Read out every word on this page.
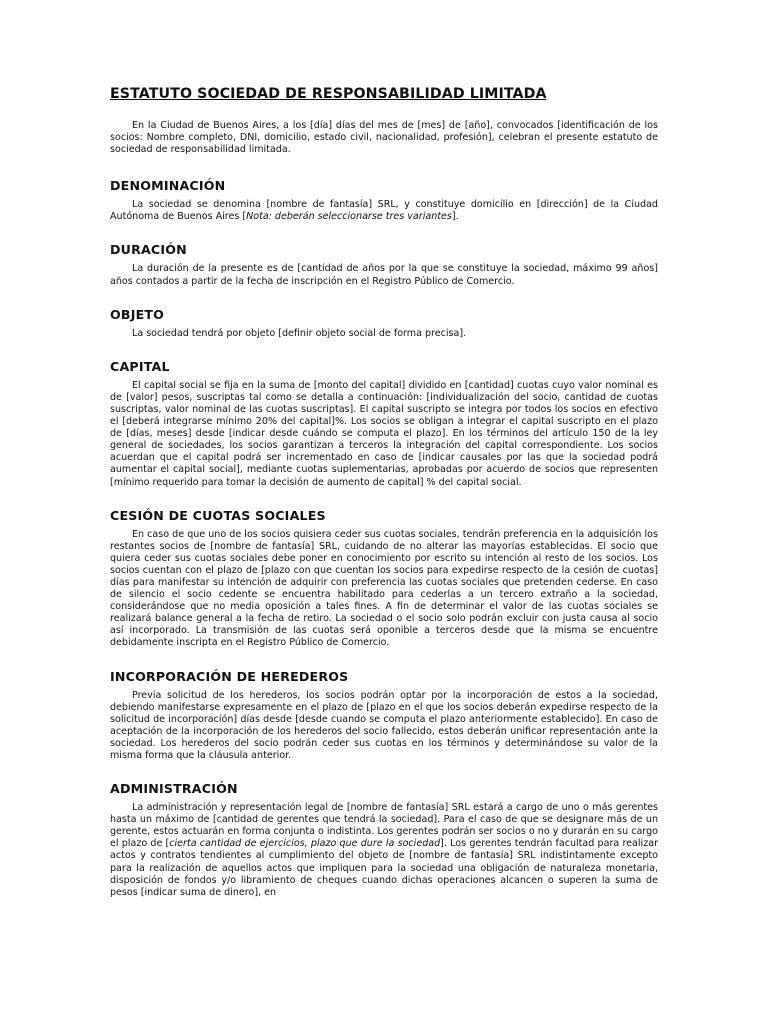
ESTATUTO SOCIEDAD DE RESPONSABILIDAD LIMITADA

En la Ciudad de Buenos Aires, a los [día] días del mes de [mes] de [año], convocados [identificación de los socios: Nombre completo, DNI, domicilio, estado civil, nacionalidad, profesión], celebran el presente estatuto de sociedad de responsabilidad limitada.

DENOMINACIÓN

La sociedad se denomina [nombre de fantasía] SRL, y constituye domicilio en [dirección] de la Ciudad Autónoma de Buenos Aires [Nota: deberán seleccionarse tres variantes].

DURACIÓN

La duración de la presente es de [cantidad de años por la que se constituye la sociedad, máximo 99 años] años contados a partir de la fecha de inscripción en el Registro Público de Comercio.

OBJETO

La sociedad tendrá por objeto [definir objeto social de forma precisa].

CAPITAL

El capital social se fija en la suma de [monto del capital] dividido en [cantidad] cuotas cuyo valor nominal es de [valor] pesos, suscriptas tal como se detalla a continuación: [individualización del socio, cantidad de cuotas suscriptas, valor nominal de las cuotas suscriptas]. El capital suscripto se integra por todos los socios en efectivo el [deberá integrarse mínimo 20% del capital]%. Los socios se obligan a integrar el capital suscripto en el plazo de [días, meses] desde [indicar desde cuándo se computa el plazo]. En los términos del artículo 150 de la ley general de sociedades, los socios garantizan a terceros la integración del capital correspondiente. Los socios acuerdan que el capital podrá ser incrementado en caso de [indicar causales por las que la sociedad podrá aumentar el capital social], mediante cuotas suplementarias, aprobadas por acuerdo de socios que representen [mínimo requerido para tomar la decisión de aumento de capital] % del capital social.

CESIÓN DE CUOTAS SOCIALES

En caso de que uno de los socios quisiera ceder sus cuotas sociales, tendrán preferencia en la adquisición los restantes socios de [nombre de fantasía] SRL, cuidando de no alterar las mayorías establecidas. El socio que quiera ceder sus cuotas sociales debe poner en conocimiento por escrito su intención al resto de los socios. Los socios cuentan con el plazo de [plazo con que cuentan los socios para expedirse respecto de la cesión de cuotas] días para manifestar su intención de adquirir con preferencia las cuotas sociales que pretenden cederse. En caso de silencio el socio cedente se encuentra habilitado para cederlas a un tercero extraño a la sociedad, considerándose que no media oposición a tales fines. A fin de determinar el valor de las cuotas sociales se realizará balance general a la fecha de retiro. La sociedad o el socio solo podrán excluir con justa causa al socio así incorporado. La transmisión de las cuotas será oponible a terceros desde que la misma se encuentre debidamente inscripta en el Registro Público de Comercio.

INCORPORACIÓN DE HEREDEROS

Previa solicitud de los herederos, los socios podrán optar por la incorporación de estos a la sociedad, debiendo manifestarse expresamente en el plazo de [plazo en el que los socios deberán expedirse respecto de la solicitud de incorporación] días desde [desde cuando se computa el plazo anteriormente establecido]. En caso de aceptación de la incorporación de los herederos del socio fallecido, estos deberán unificar representación ante la sociedad. Los herederos del socio podrán ceder sus cuotas en los términos y determinándose su valor de la misma forma que la cláusula anterior.

ADMINISTRACIÓN

La administración y representación legal de [nombre de fantasía] SRL estará a cargo de uno o más gerentes hasta un máximo de [cantidad de gerentes que tendrá la sociedad]. Para el caso de que se designare más de un gerente, estos actuarán en forma conjunta o indistinta. Los gerentes podrán ser socios o no y durarán en su cargo el plazo de [cierta cantidad de ejercicios, plazo que dure la sociedad]. Los gerentes tendrán facultad para realizar actos y contratos tendientes al cumplimiento del objeto de [nombre de fantasía] SRL indistintamente excepto para la realización de aquellos actos que impliquen para la sociedad una obligación de naturaleza monetaria, disposición de fondos y/o libramiento de cheques cuando dichas operaciones alcancen o superen la suma de pesos [indicar suma de dinero], en
